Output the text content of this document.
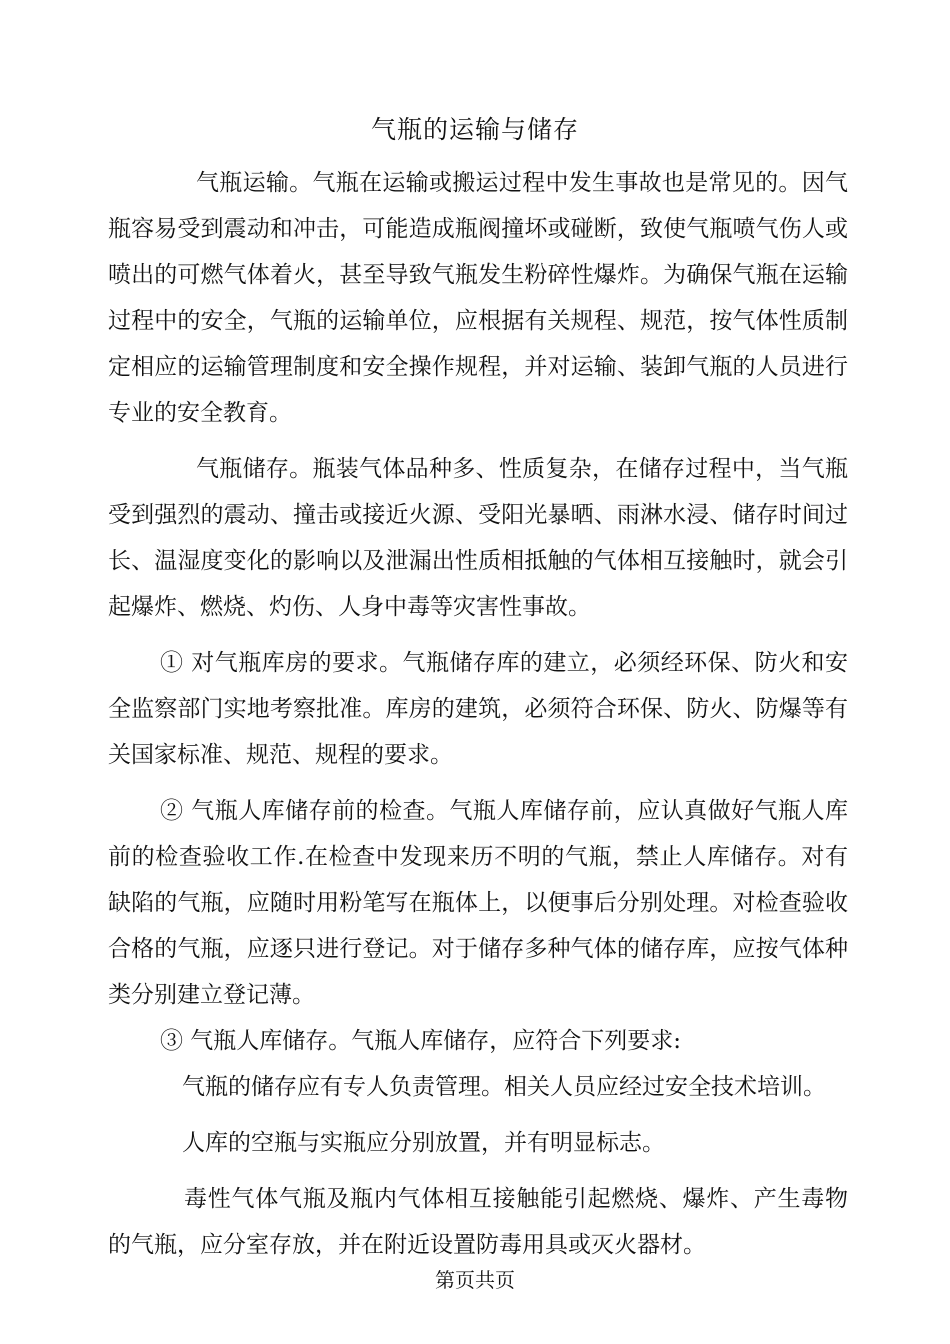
气瓶的运输与储存

气瓶运输。气瓶在运输或搬运过程中发生事故也是常见的。因气瓶容易受到震动和冲击，可能造成瓶阀撞坏或碰断，致使气瓶喷气伤人或喷出的可燃气体着火，甚至导致气瓶发生粉碎性爆炸。为确保气瓶在运输过程中的安全，气瓶的运输单位，应根据有关规程、规范，按气体性质制定相应的运输管理制度和安全操作规程，并对运输、装卸气瓶的人员进行专业的安全教育。

气瓶储存。瓶装气体品种多、性质复杂，在储存过程中，当气瓶受到强烈的震动、撞击或接近火源、受阳光暴晒、雨淋水浸、储存时间过长、温湿度变化的影响以及泄漏出性质相抵触的气体相互接触时，就会引起爆炸、燃烧、灼伤、人身中毒等灾害性事故。

① 对气瓶库房的要求。气瓶储存库的建立，必须经环保、防火和安全监察部门实地考察批准。库房的建筑，必须符合环保、防火、防爆等有关国家标准、规范、规程的要求。

② 气瓶人库储存前的检查。气瓶人库储存前，应认真做好气瓶人库前的检查验收工作.在检查中发现来历不明的气瓶，禁止人库储存。对有缺陷的气瓶，应随时用粉笔写在瓶体上，以便事后分别处理。对检查验收合格的气瓶，应逐只进行登记。对于储存多种气体的储存库，应按气体种类分别建立登记薄。

③ 气瓶人库储存。气瓶人库储存，应符合下列要求:

气瓶的储存应有专人负责管理。相关人员应经过安全技术培训。

人库的空瓶与实瓶应分别放置，并有明显标志。

毒性气体气瓶及瓶内气体相互接触能引起燃烧、爆炸、产生毒物的气瓶，应分室存放，并在附近设置防毒用具或灭火器材。

第页共页
